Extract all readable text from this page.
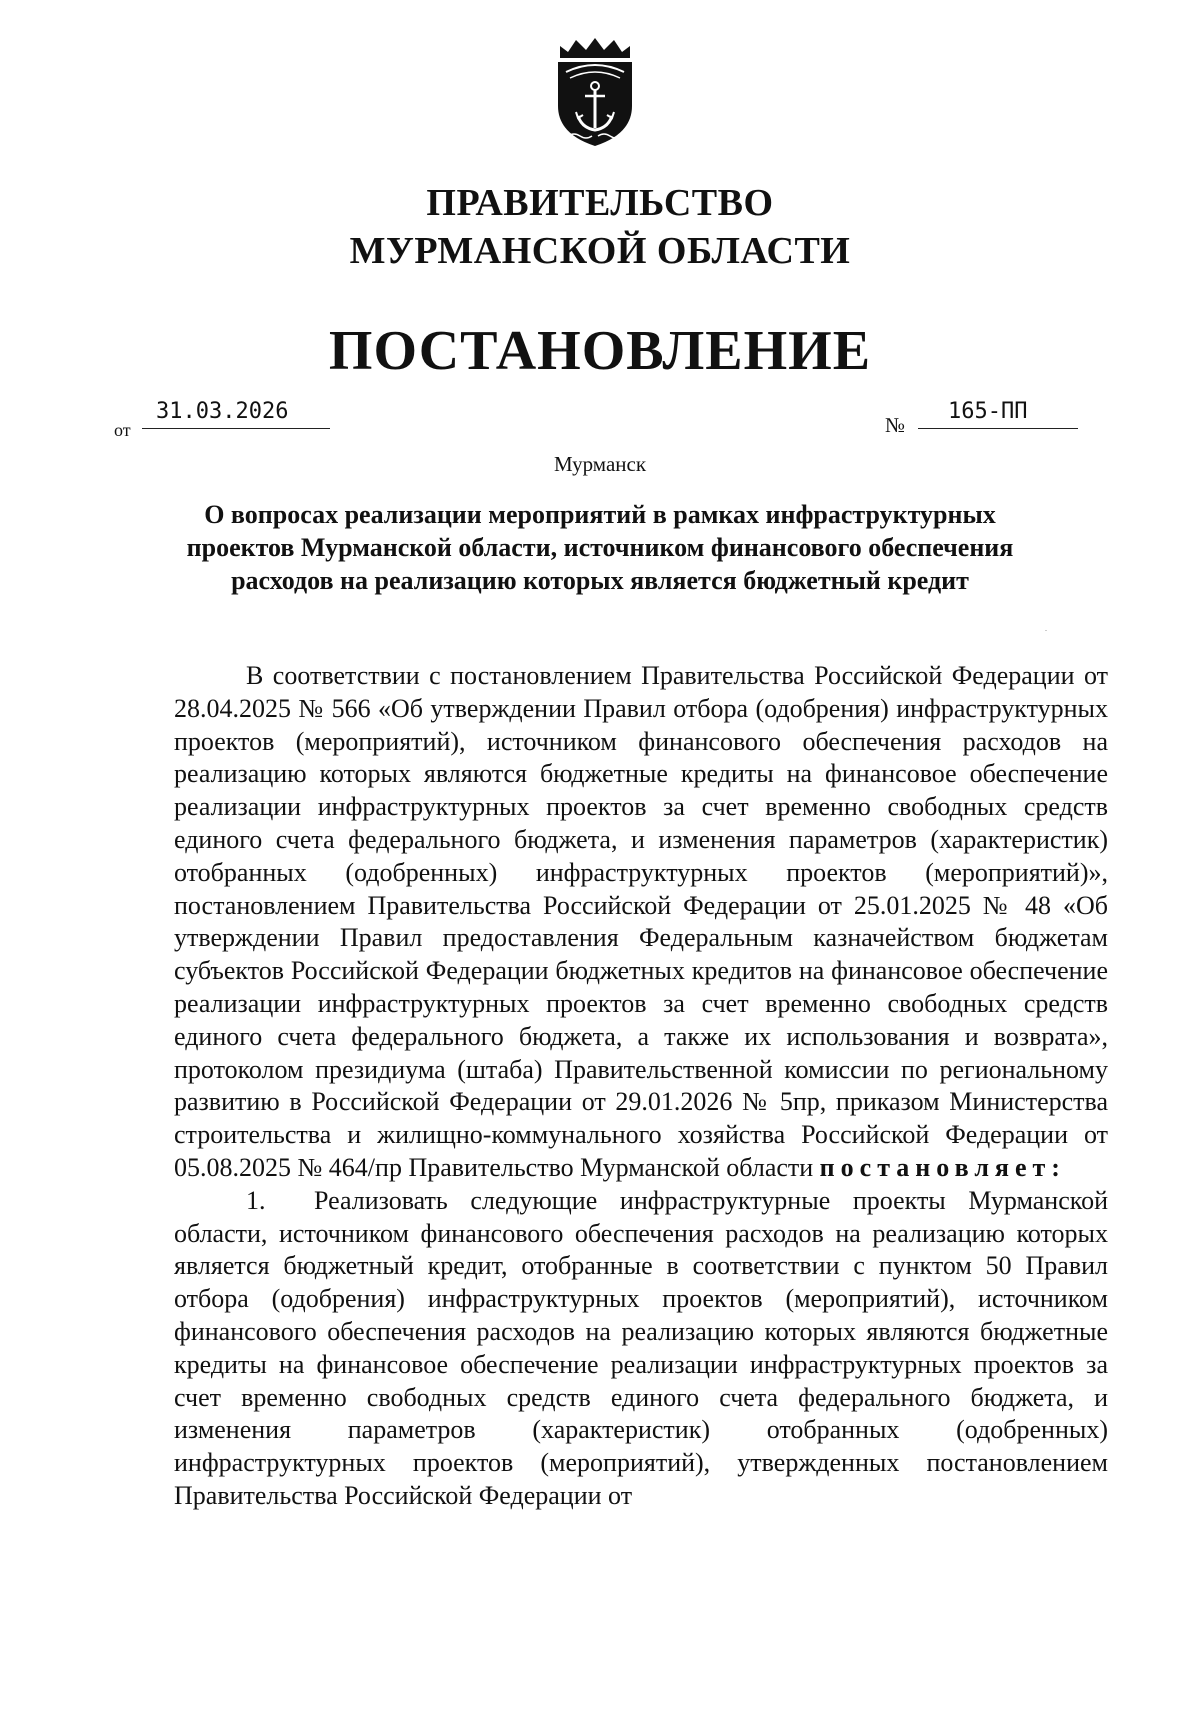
ПРАВИТЕЛЬСТВО
МУРМАНСКОЙ ОБЛАСТИ
ПОСТАНОВЛЕНИЕ
от
31.03.2026
№
165-ПП
Мурманск
О вопросах реализации мероприятий в рамках инфраструктурных проектов Мурманской области, источником финансового обеспечения расходов на реализацию которых является бюджетный кредит

В соответствии с постановлением Правительства Российской Федерации от 28.04.2025 № 566 «Об утверждении Правил отбора (одобрения) инфраструктурных проектов (мероприятий), источником финансового обеспечения расходов на реализацию которых являются бюджетные кредиты на финансовое обеспечение реализации инфраструктурных проектов за счет временно свободных средств единого счета федерального бюджета, и изменения параметров (характеристик) отобранных (одобренных) инфраструктурных проектов (мероприятий)», постановлением Правительства Российской Федерации от 25.01.2025 № 48 «Об утверждении Правил предоставления Федеральным казначейством бюджетам субъектов Российской Федерации бюджетных кредитов на финансовое обеспечение реализации инфраструктурных проектов за счет временно свободных средств единого счета федерального бюджета, а также их использования и возврата», протоколом президиума (штаба) Правительственной комиссии по региональному развитию в Российской Федерации от 29.01.2026 № 5пр, приказом Министерства строительства и жилищно-коммунального хозяйства Российской Федерации от 05.08.2025 № 464/пр Правительство Мурманской области постановляет:

1. Реализовать следующие инфраструктурные проекты Мурманской области, источником финансового обеспечения расходов на реализацию которых является бюджетный кредит, отобранные в соответствии с пунктом 50 Правил отбора (одобрения) инфраструктурных проектов (мероприятий), источником финансового обеспечения расходов на реализацию которых являются бюджетные кредиты на финансовое обеспечение реализации инфраструктурных проектов за счет временно свободных средств единого счета федерального бюджета, и изменения параметров (характеристик) отобранных (одобренных) инфраструктурных проектов (мероприятий), утвержденных постановлением Правительства Российской Федерации от
